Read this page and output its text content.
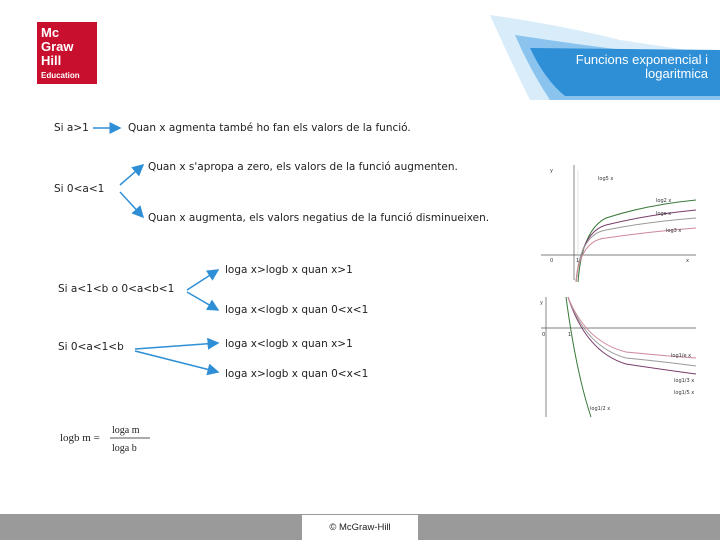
Mc
Graw
Hill
Education
Funcions exponencial i
logaritmica
Si a>1	Quan x agmenta també ho fan els valors de la funció.
Quan x s'apropa a zero, els valors de la funció augmenten.
Si 0<a<1
Quan x augmenta, els valors negatius de la funció disminueixen.
loga x>logb x quan x>1
Si a<1<b o 0<a<b<1
loga x<logb x quan 0<x<1
loga x<logb x quan x>1
Si 0<a<1<b
loga x>logb x quan 0<x<1
logb m =
loga m
loga b
y
log5 x
log2 x
loge x
log3 x
0	1	x
y
0	1
log1/2 x
log1/e x
log1/3 x
log1/5 x
© McGraw-Hill
